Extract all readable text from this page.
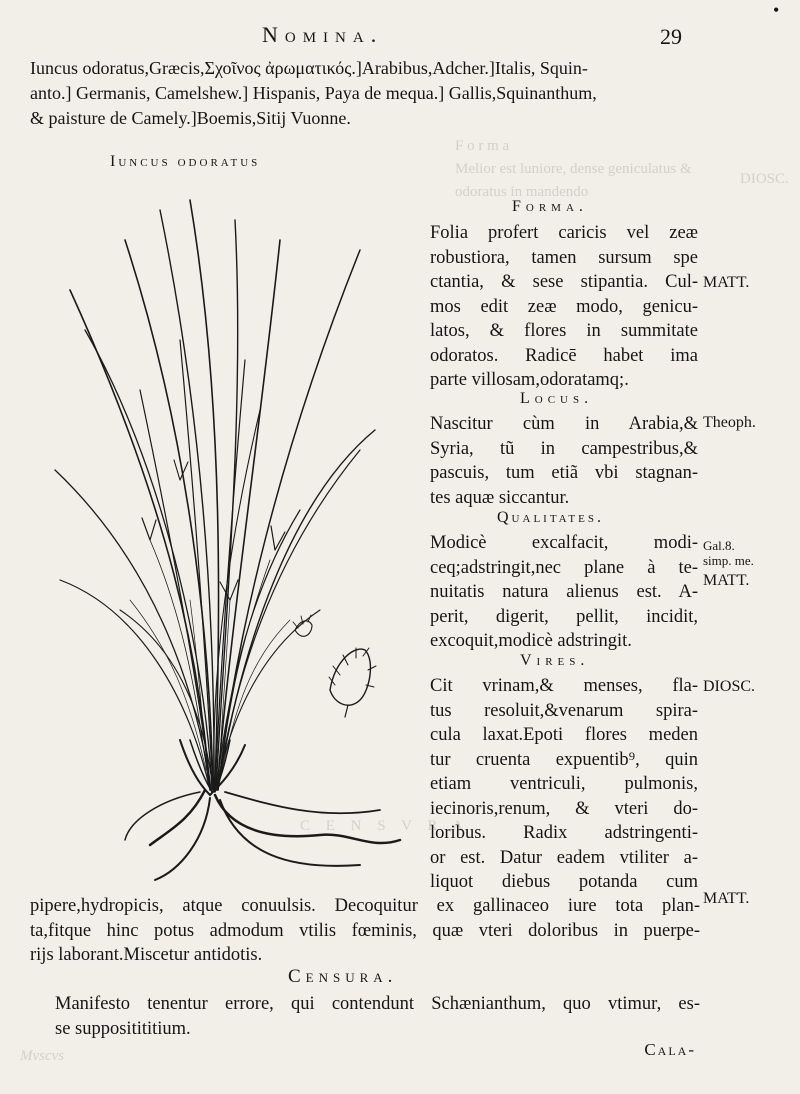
F o r m a
Melior est luniore, dense geniculatus &
odoratus in mandendo
DIOSC.
C E N S V R A
Mvscvs
•
Nomina.	29
Iuncus odoratus,Græcis,Σχοῖνος ἀρωματικός.]Arabibus,Adcher.]Italis, Squin-
anto.] Germanis, Camelshew.] Hispanis, Paya de mequa.] Gallis,Squinanthum,
& paisture de Camely.]Boemis,Sitij Vuonne.
Iuncus odoratus
Forma.
Folia profert caricis vel zeæ
robustiora, tamen sursum spe
ctantia, & sese stipantia. Cul-
mos edit zeæ modo, genicu-
latos, & flores in summitate
odoratos. Radicē habet ima
parte villosam,odoratamq;.
MATT.
Locus.
Nascitur cùm in Arabia,&
Syria, tũ in campestribus,&
pascuis, tum etiã vbi stagnan-
tes aquæ siccantur.
Theoph.
Qualitates.
Modicè excalfacit, modi-
ceq;adstringit,nec plane à te-
nuitatis natura alienus est. A-
perit, digerit, pellit, incidit,
excoquit,modicè adstringit.
Gal.8.
simp. me.
MATT.
Vires.
Cit vrinam,& menses, fla-
tus resoluit,&venarum spira-
cula laxat.Epoti flores meden
tur cruenta expuentib⁹, quin
etiam ventriculi, pulmonis,
iecinoris,renum, & vteri do-
loribus. Radix adstringenti-
or est. Datur eadem vtiliter a-
liquot diebus potanda cum
DIOSC.
pipere,hydropicis, atque conuulsis. Decoquitur ex gallinaceo iure tota plan-
ta,fitque hinc potus admodum vtilis fœminis, quæ vteri doloribus in puerpe-
rijs laborant.Miscetur antidotis.
MATT.
Censura.
Manifesto tenentur errore, qui contendunt Schænianthum, quo vtimur, es-
se suppositititium.
Cala-
